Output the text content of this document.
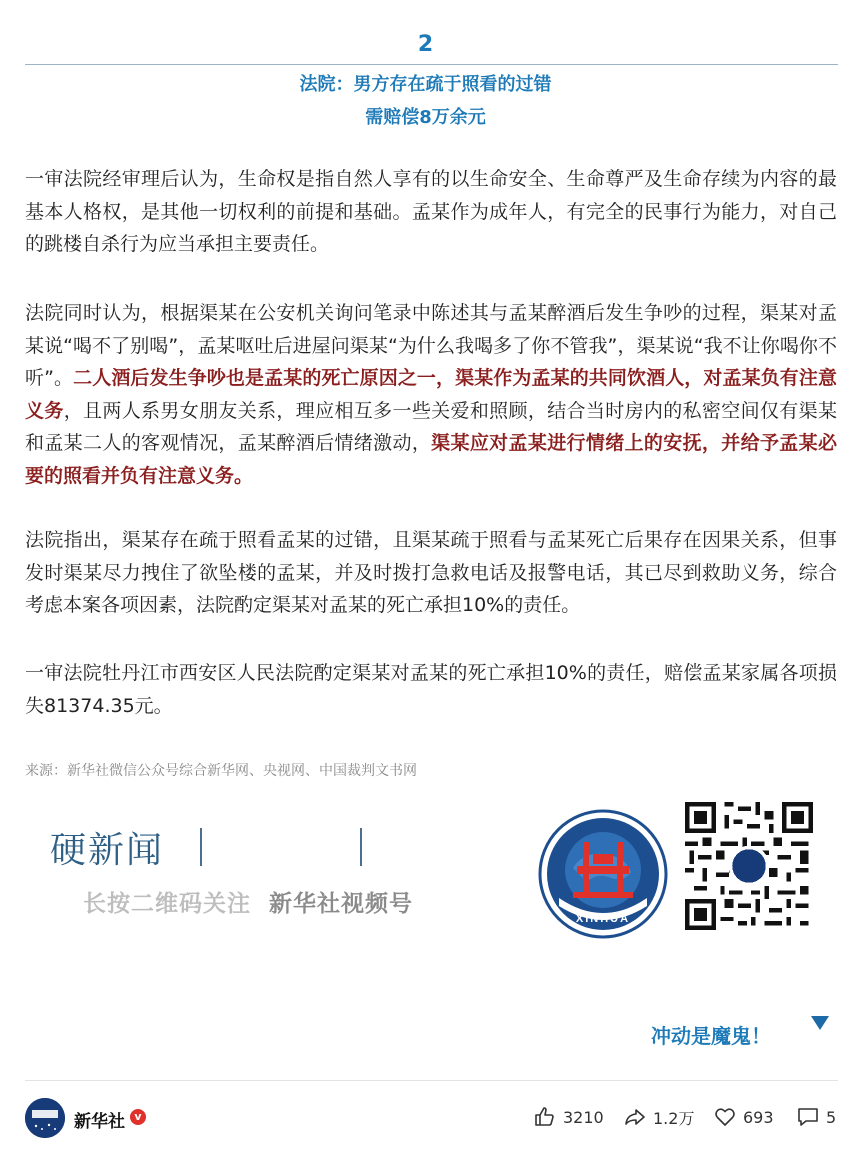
2
法院：男方存在疏于照看的过错
需赔偿8万余元

一审法院经审理后认为，生命权是指自然人享有的以生命安全、生命尊严及生命存续为内容的最基本人格权，是其他一切权利的前提和基础。孟某作为成年人，有完全的民事行为能力，对自己的跳楼自杀行为应当承担主要责任。

法院同时认为，根据渠某在公安机关询问笔录中陈述其与孟某醉酒后发生争吵的过程，渠某对孟某说“喝不了别喝”，孟某呕吐后进屋问渠某“为什么我喝多了你不管我”，渠某说“我不让你喝你不听”。二人酒后发生争吵也是孟某的死亡原因之一，渠某作为孟某的共同饮酒人，对孟某负有注意义务，且两人系男女朋友关系，理应相互多一些关爱和照顾，结合当时房内的私密空间仅有渠某和孟某二人的客观情况，孟某醉酒后情绪激动，渠某应对孟某进行情绪上的安抚，并给予孟某必要的照看并负有注意义务。

法院指出，渠某存在疏于照看孟某的过错，且渠某疏于照看与孟某死亡后果存在因果关系，但事发时渠某尽力拽住了欲坠楼的孟某，并及时拨打急救电话及报警电话，其已尽到救助义务，综合考虑本案各项因素，法院酌定渠某对孟某的死亡承担10%的责任。

一审法院牡丹江市西安区人民法院酌定渠某对孟某的死亡承担10%的责任，赔偿孟某家属各项损失81374.35元。

来源：新华社微信公众号综合新华网、央视网、中国裁判文书网
硬新闻
长按二维码关注 新华社视频号
XINHUA
冲动是魔鬼！
新华社 v	3210	1.2万	693	5
